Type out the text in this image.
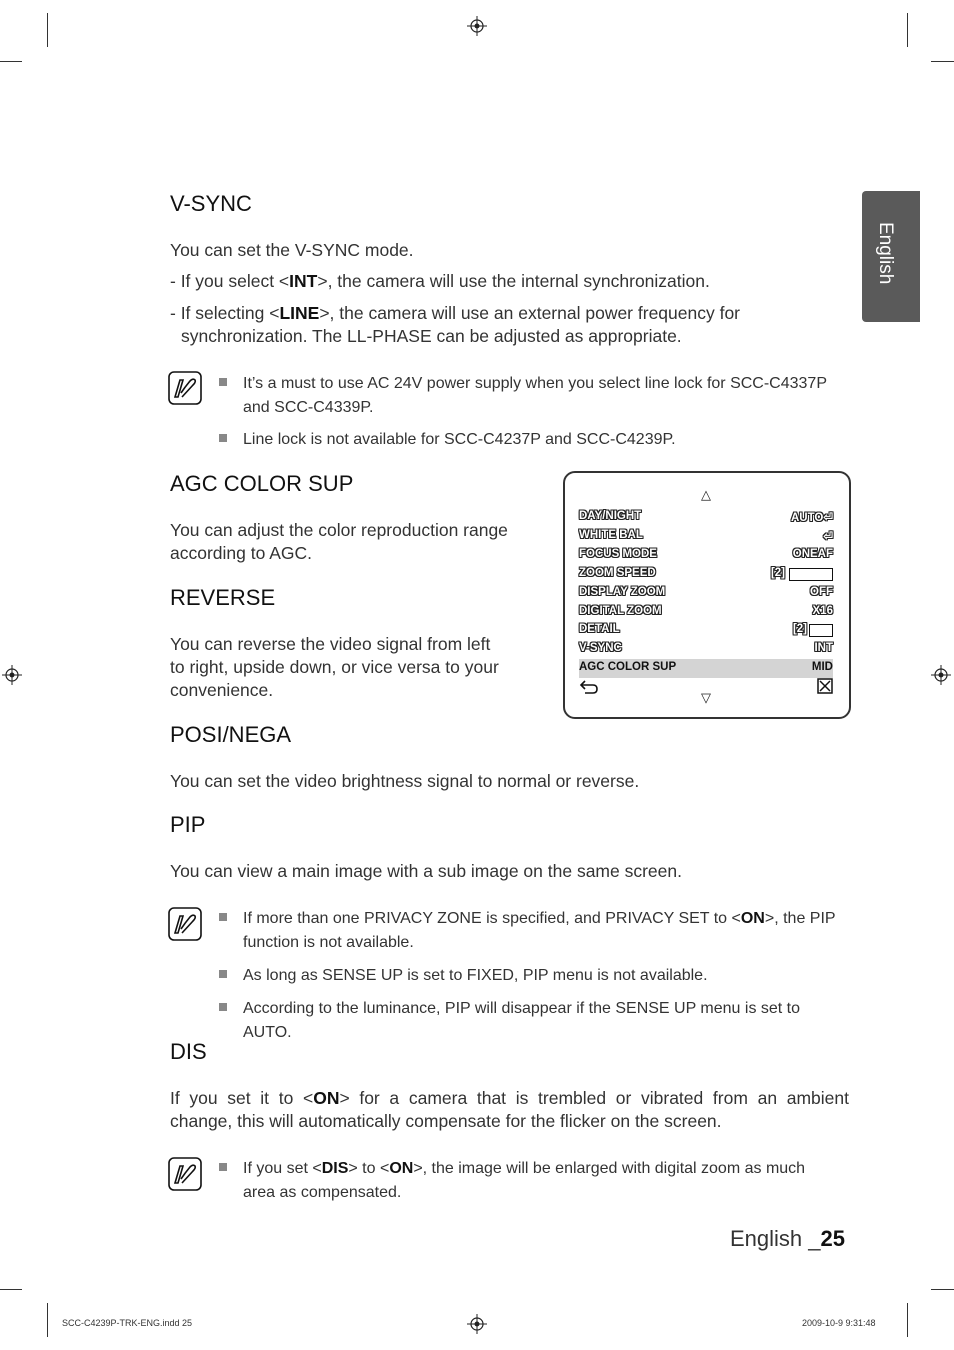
English
V-SYNC
You can set the V-SYNC mode.
- If you select <INT>, the camera will use the internal synchronization.
- If selecting <LINE>, the camera will use an external power frequency for
synchronization. The LL-PHASE can be adjusted as appropriate.
It’s a must to use AC 24V power supply when you select line lock for SCC-C4337P
and SCC-C4339P.
Line lock is not available for SCC-C4237P and SCC-C4239P.
AGC COLOR SUP
You can adjust the color reproduction range
according to AGC.
REVERSE
You can reverse the video signal from left
to right, upside down, or vice versa to your
convenience.
△
DAY/NIGHT	AUTO⏎
WHITE BAL	⏎
FOCUS MODE	ONEAF
ZOOM SPEED	[2]
DISPLAY ZOOM	OFF
DIGITAL ZOOM	X16
DETAIL	[2]
V-SYNC	INT
AGC COLOR SUP	MID
▽
POSI/NEGA
You can set the video brightness signal to normal or reverse.
PIP
You can view a main image with a sub image on the same screen.
If more than one PRIVACY ZONE is specified, and PRIVACY SET to <ON>, the PIP
function is not available.
As long as SENSE UP is set to FIXED, PIP menu is not available.
According to the luminance, PIP will disappear if the SENSE UP menu is set to AUTO.
DIS
If you set it to <ON> for a camera that is trembled or vibrated from an ambient
change, this will automatically compensate for the flicker on the screen.
If you set <DIS> to <ON>, the image will be enlarged with digital zoom as much
area as compensated.
English _25
SCC-C4239P-TRK-ENG.indd 25	2009-10-9 9:31:48
